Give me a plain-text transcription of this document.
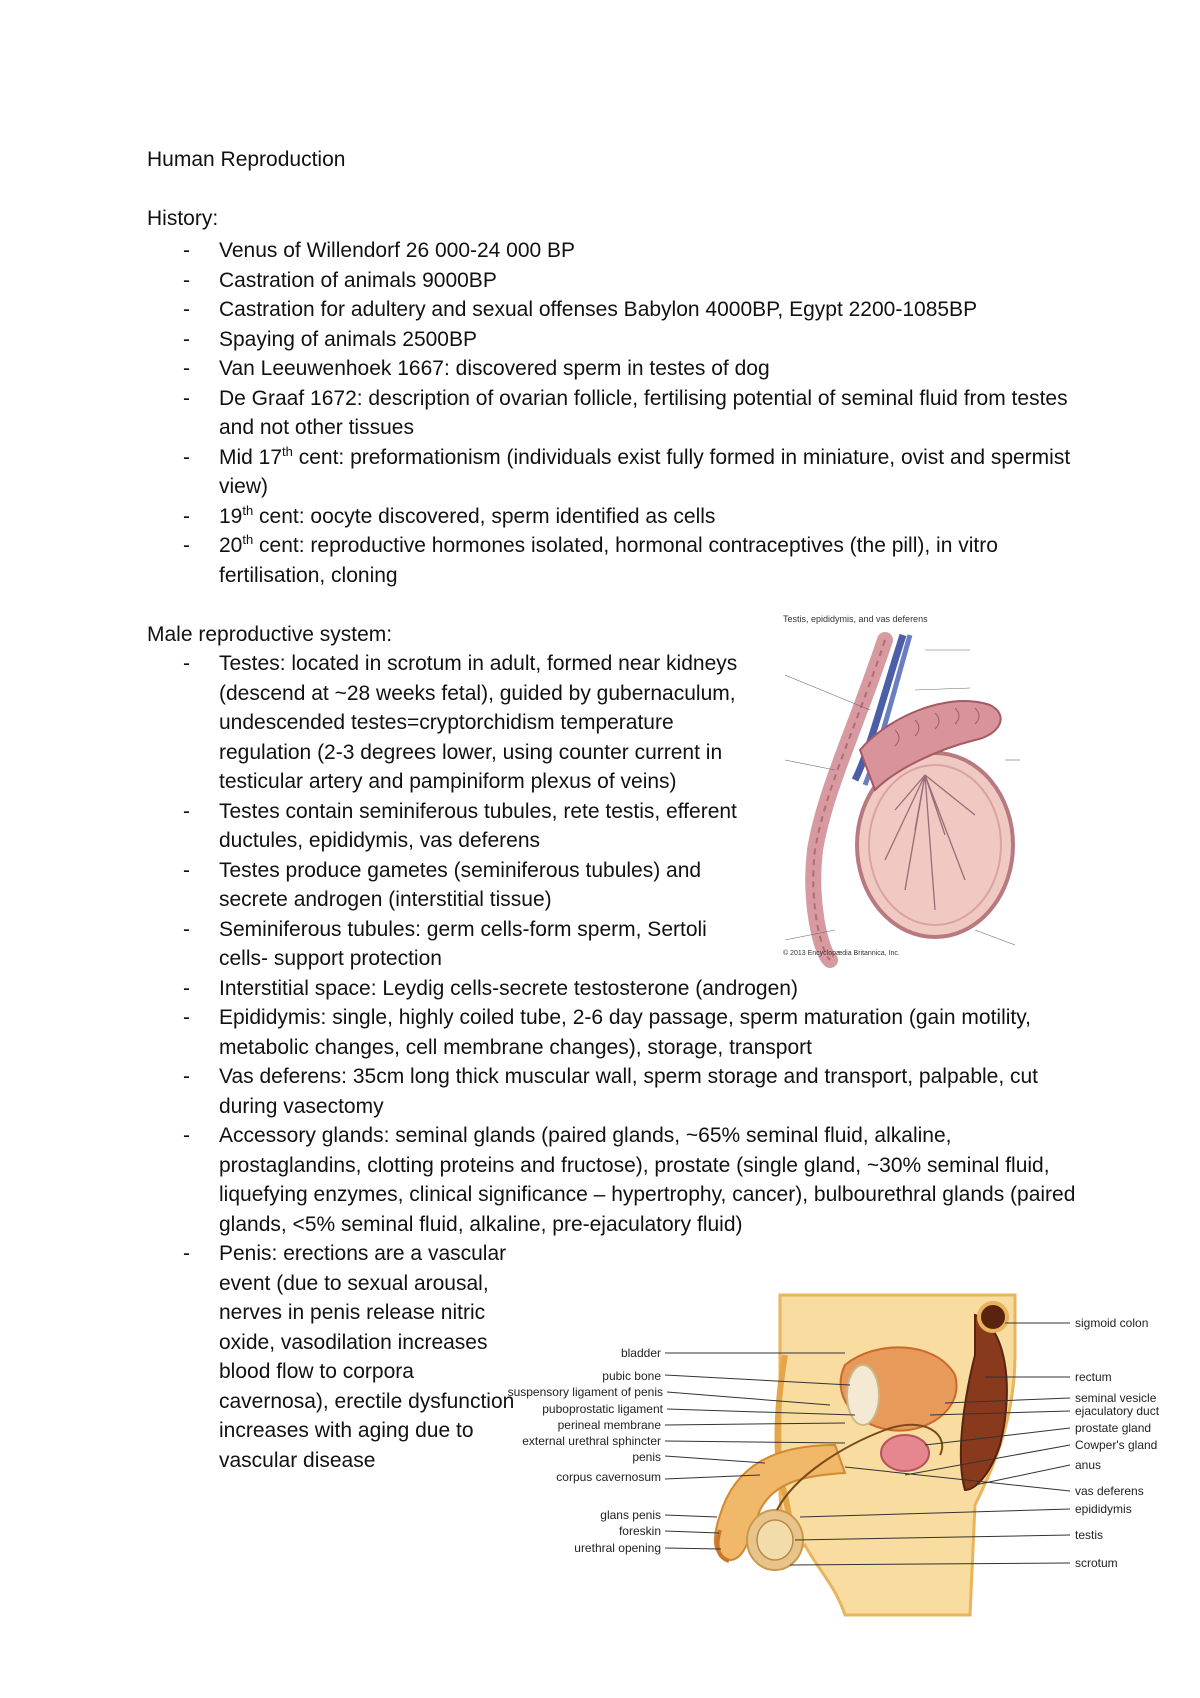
Human Reproduction
History:
- Venus of Willendorf 26 000-24 000 BP
- Castration of animals 9000BP
- Castration for adultery and sexual offenses Babylon 4000BP, Egypt 2200-1085BP
- Spaying of animals 2500BP
- Van Leeuwenhoek 1667: discovered sperm in testes of dog
- De Graaf 1672: description of ovarian follicle, fertilising potential of seminal fluid from testes and not other tissues
- Mid 17th cent: preformationism (individuals exist fully formed in miniature, ovist and spermist view)
- 19th cent: oocyte discovered, sperm identified as cells
- 20th cent: reproductive hormones isolated, hormonal contraceptives (the pill), in vitro fertilisation, cloning
Male reproductive system:
- Testes: located in scrotum in adult, formed near kidneys (descend at ~28 weeks fetal), guided by gubernaculum, undescended testes=cryptorchidism temperature regulation (2-3 degrees lower, using counter current in testicular artery and pampiniform plexus of veins)
- Testes contain seminiferous tubules, rete testis, efferent ductules, epididymis, vas deferens
- Testes produce gametes (seminiferous tubules) and secrete androgen (interstitial tissue)
- Seminiferous tubules: germ cells-form sperm, Sertoli cells- support protection
- Interstitial space: Leydig cells-secrete testosterone (androgen)
- Epididymis: single, highly coiled tube, 2-6 day passage, sperm maturation (gain motility, metabolic changes, cell membrane changes), storage, transport
- Vas deferens: 35cm long thick muscular wall, sperm storage and transport, palpable, cut during vasectomy
- Accessory glands: seminal glands (paired glands, ~65% seminal fluid, alkaline, prostaglandins, clotting proteins and fructose), prostate (single gland, ~30% seminal fluid, liquefying enzymes, clinical significance – hypertrophy, cancer), bulbourethral glands (paired glands, <5% seminal fluid, alkaline, pre-ejaculatory fluid)
- Penis: erections are a vascular event (due to sexual arousal, nerves in penis release nitric oxide, vasodilation increases blood flow to corpora cavernosa), erectile dysfunction increases with aging due to vascular disease
Testis, epididymis, and vas deferens
© 2013 Encyclopædia Britannica, Inc.
bladder
pubic bone
suspensory ligament of penis
puboprostatic ligament
perineal membrane
external urethral sphincter
penis
corpus cavernosum
glans penis
foreskin
urethral opening
sigmoid colon
rectum
seminal vesicle
ejaculatory duct
prostate gland
Cowper's gland
anus
vas deferens
epididymis
testis
scrotum
